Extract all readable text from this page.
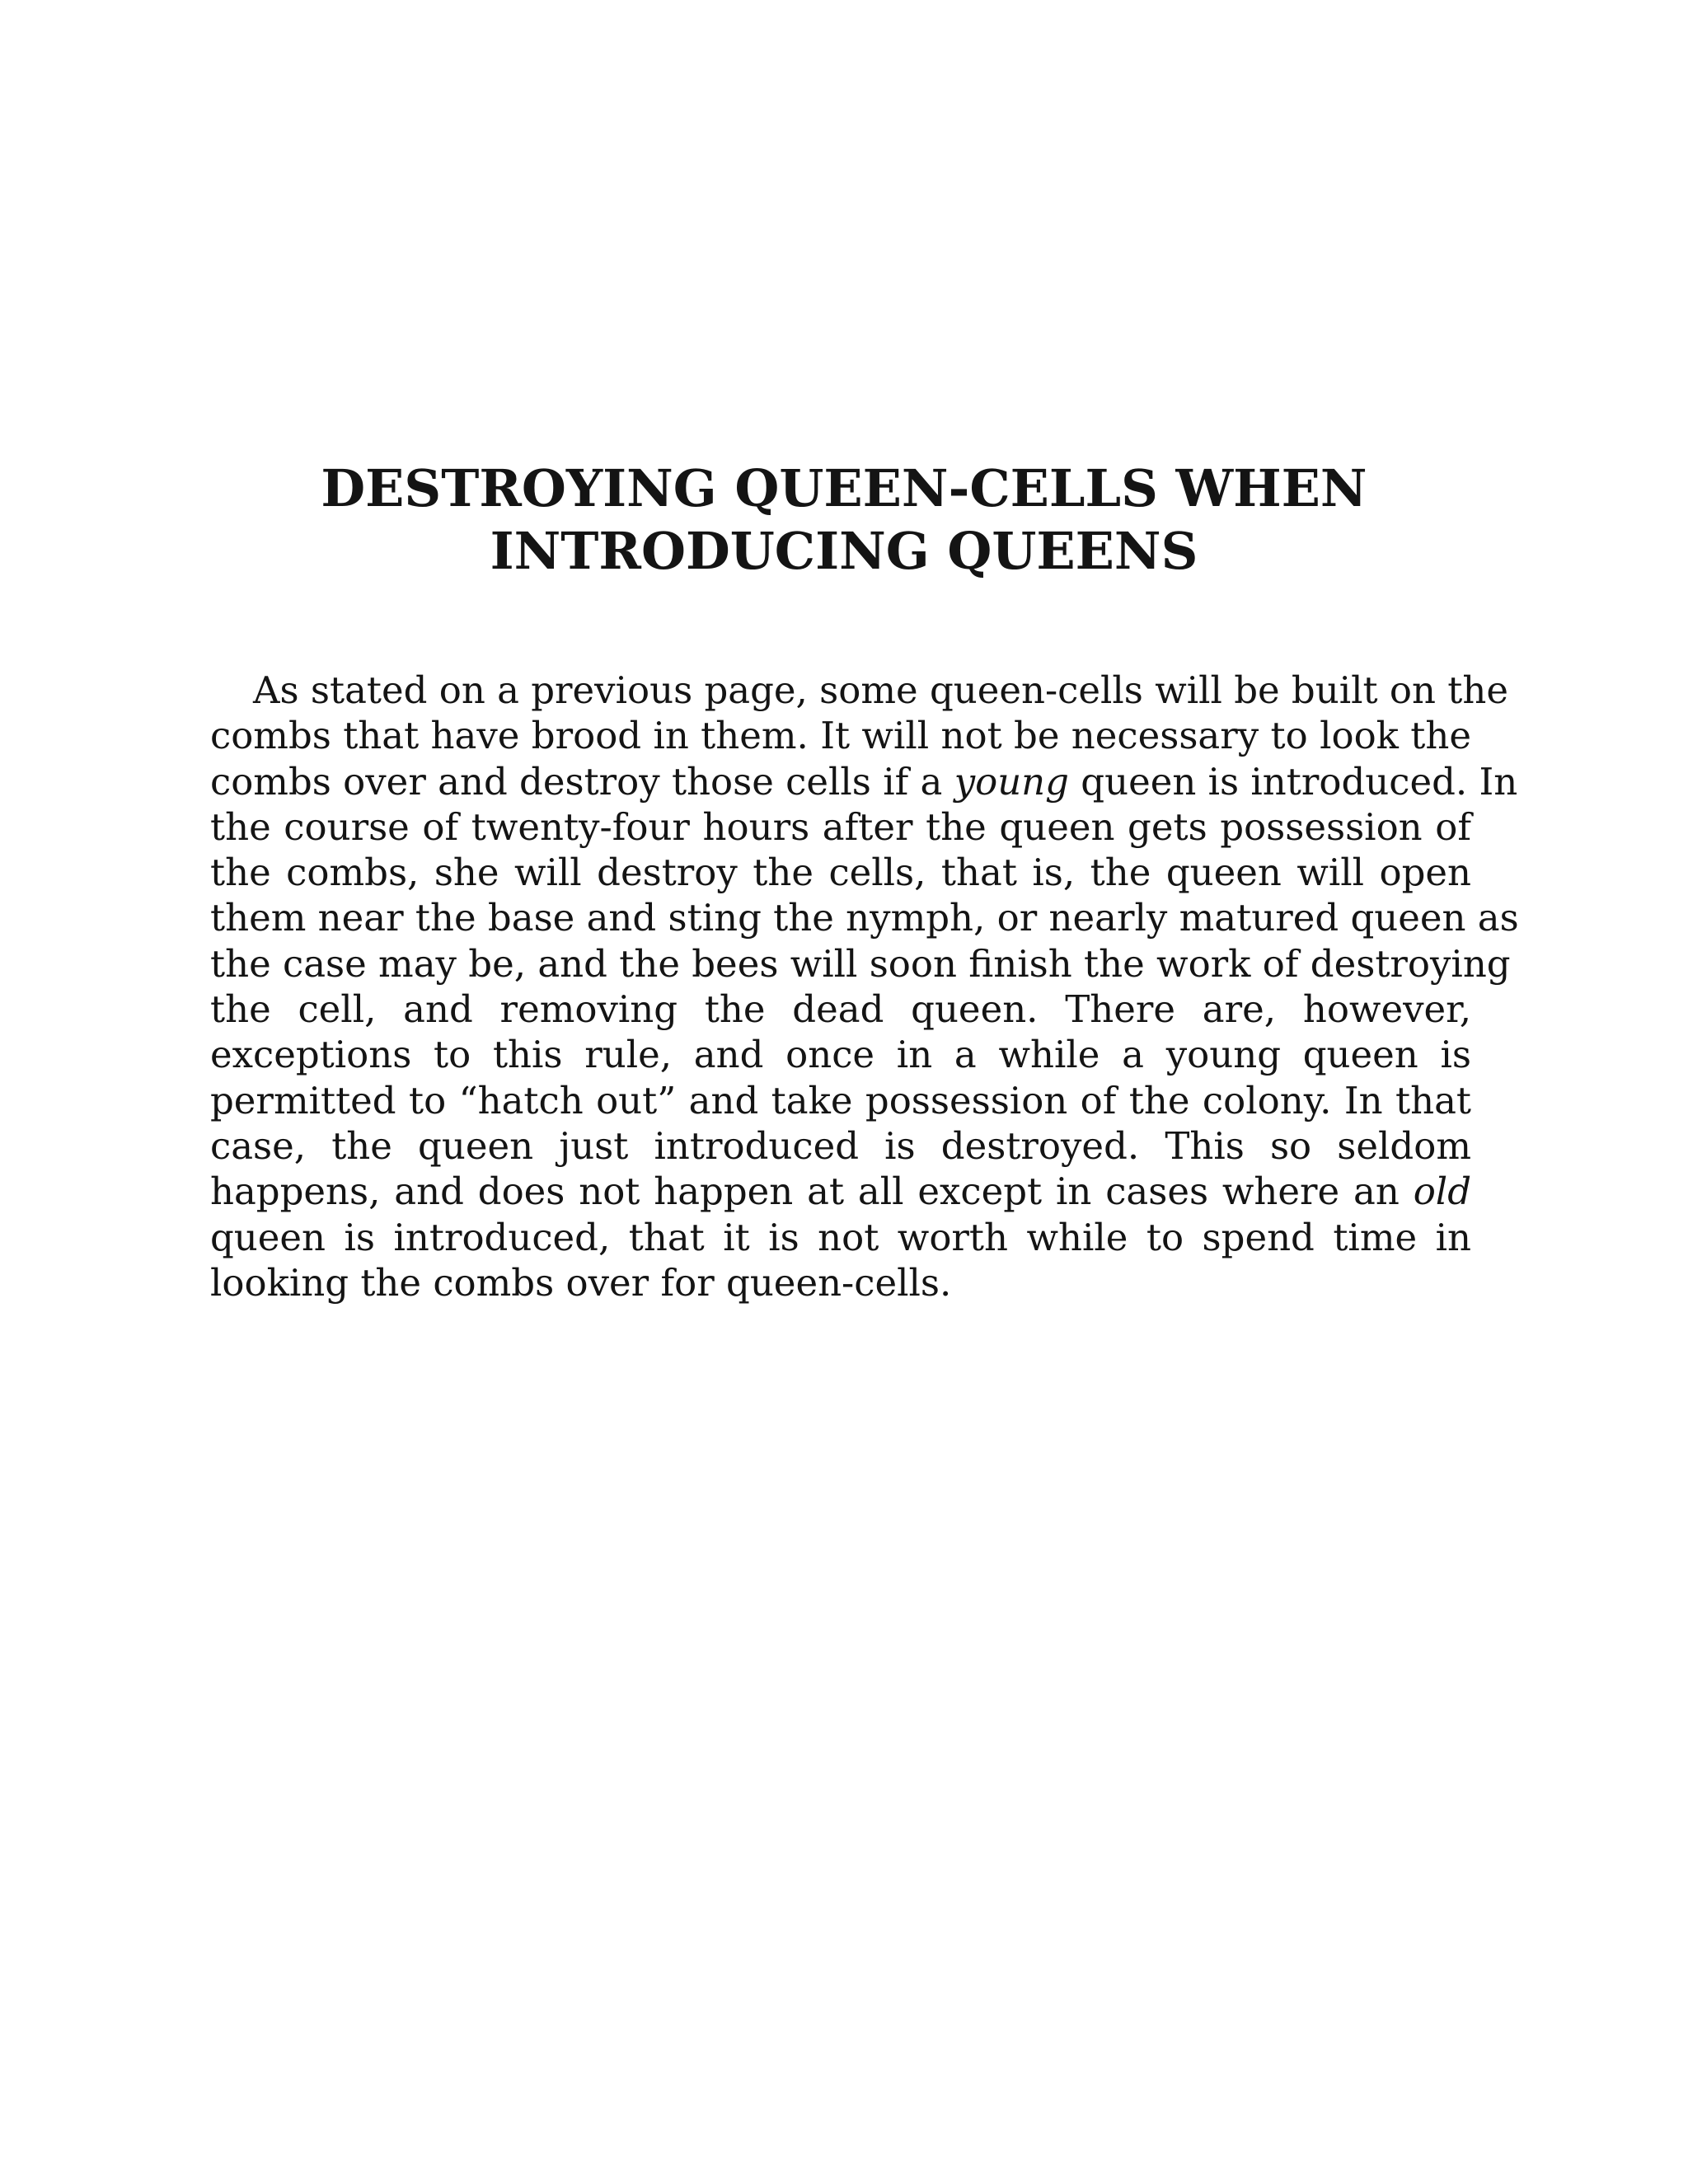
DESTROYING QUEEN-CELLS WHEN
INTRODUCING QUEENS
As stated on a previous page, some queen-cells will be built on the
combs that have brood in them. It will not be necessary to look the
combs over and destroy those cells if a young queen is introduced. In
the course of twenty-four hours after the queen gets possession of
the combs, she will destroy the cells, that is, the queen will open
them near the base and sting the nymph, or nearly matured queen as
the case may be, and the bees will soon finish the work of destroying
the cell, and removing the dead queen. There are, however,
exceptions to this rule, and once in a while a young queen is
permitted to “hatch out” and take possession of the colony. In that
case, the queen just introduced is destroyed. This so seldom
happens, and does not happen at all except in cases where an old
queen is introduced, that it is not worth while to spend time in
looking the combs over for queen-cells.
